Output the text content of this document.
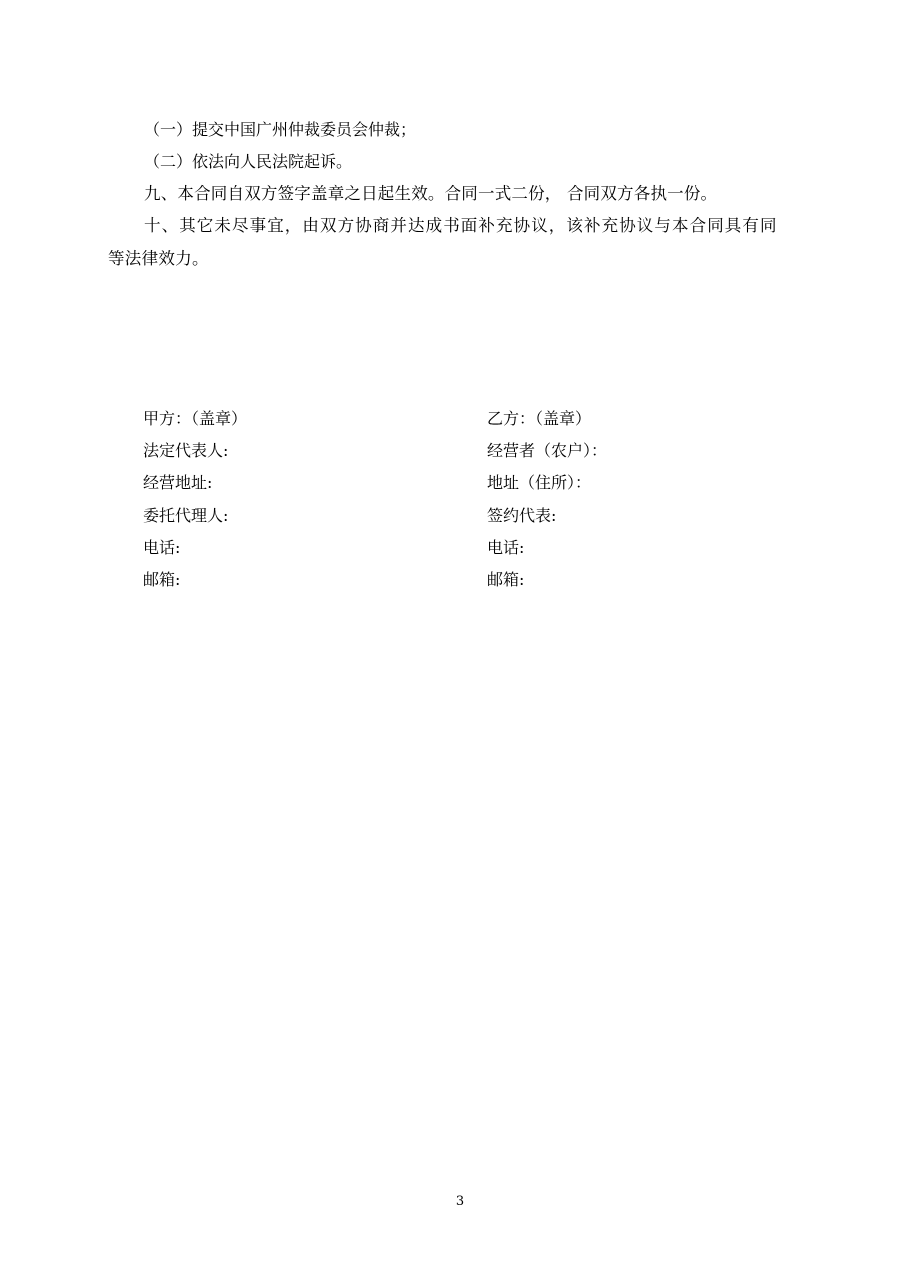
（一）提交中国广州仲裁委员会仲裁；
（二）依法向人民法院起诉。
九、本合同自双方签字盖章之日起生效。合同一式二份， 合同双方各执一份。
十、其它未尽事宜，由双方协商并达成书面补充协议，该补充协议与本合同具有同
等法律效力。
甲方：（盖章）
法定代表人:
经营地址:
委托代理人:
电话:
邮箱:
乙方：（盖章）
经营者（农户）：
地址（住所）：
签约代表:
电话:
邮箱:
3
